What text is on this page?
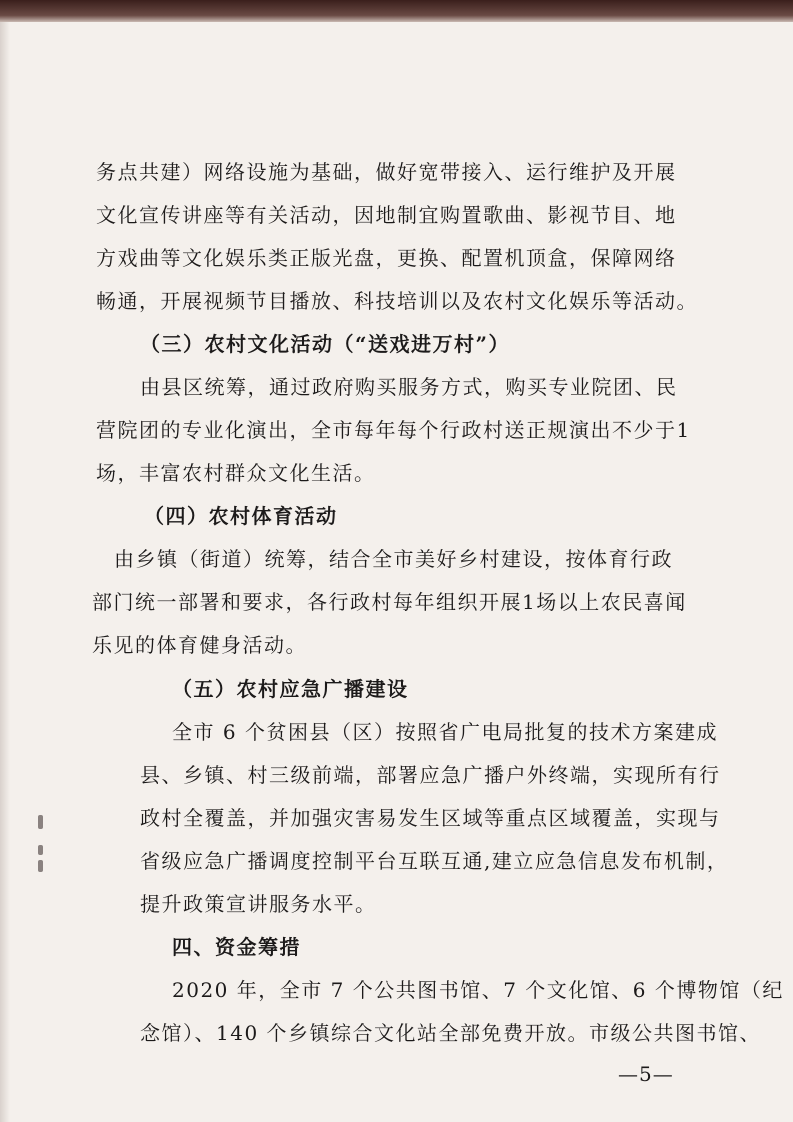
务点共建）网络设施为基础，做好宽带接入、运行维护及开展
文化宣传讲座等有关活动，因地制宜购置歌曲、影视节目、地
方戏曲等文化娱乐类正版光盘，更换、配置机顶盒，保障网络
畅通，开展视频节目播放、科技培训以及农村文化娱乐等活动。
（三）农村文化活动（“送戏进万村”）
由县区统筹，通过政府购买服务方式，购买专业院团、民
营院团的专业化演出，全市每年每个行政村送正规演出不少于1
场，丰富农村群众文化生活。
（四）农村体育活动
由乡镇（街道）统筹，结合全市美好乡村建设，按体育行政
部门统一部署和要求，各行政村每年组织开展1场以上农民喜闻
乐见的体育健身活动。
（五）农村应急广播建设
全市 6 个贫困县（区）按照省广电局批复的技术方案建成
县、乡镇、村三级前端，部署应急广播户外终端，实现所有行
政村全覆盖，并加强灾害易发生区域等重点区域覆盖，实现与
省级应急广播调度控制平台互联互通,建立应急信息发布机制，
提升政策宣讲服务水平。
四、资金筹措
2020 年，全市 7 个公共图书馆、7 个文化馆、6 个博物馆（纪
念馆）、140 个乡镇综合文化站全部免费开放。市级公共图书馆、
—5—
